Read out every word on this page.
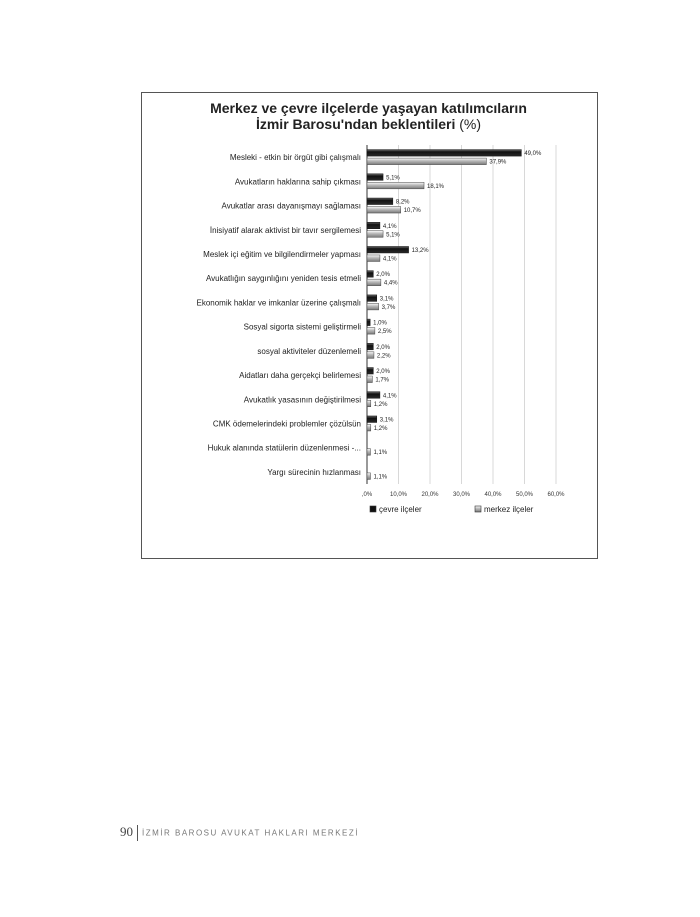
Merkez ve çevre ilçelerde yaşayan katılımcıların
İzmir Barosu'ndan beklentileri (%)
,0%	10,0% 20,0% 30,0% 40,0% 50,0% 60,0%
Mesleki - etkin bir örgüt gibi çalışmalı	49,0%
37,9%
Avukatların haklarına sahip çıkması	5,1%
18,1%
Avukatlar arası dayanışmayı sağlaması	8,2%
10,7%
İnisiyatif alarak aktivist bir tavır sergilemesi	4,1%
5,1%
Meslek içi eğitim ve bilgilendirmeler yapması	13,2%
4,1%
Avukatlığın saygınlığını yeniden tesis etmeli	2,0%
4,4%
Ekonomik haklar ve imkanlar üzerine çalışmalı	3,1%
3,7%
Sosyal sigorta sistemi geliştirmeli 1,0%
2,5%
sosyal aktiviteler düzenlemeli	2,0%
2,2%
Aidatları daha gerçekçi belirlemesi	2,0%
1,7%
Avukatlık yasasının değiştirilmesi	4,1%
1,2%
CMK ödemelerindeki problemler çözülsün	3,1%
1,2%
Hukuk alanında statülerin düzenlenmesi -...
1,1%
Yargı sürecinin hızlanması
1,1%
çevre ilçeler	merkez ilçeler
90 İZMİR BAROSU AVUKAT HAKLARI MERKEZİ
